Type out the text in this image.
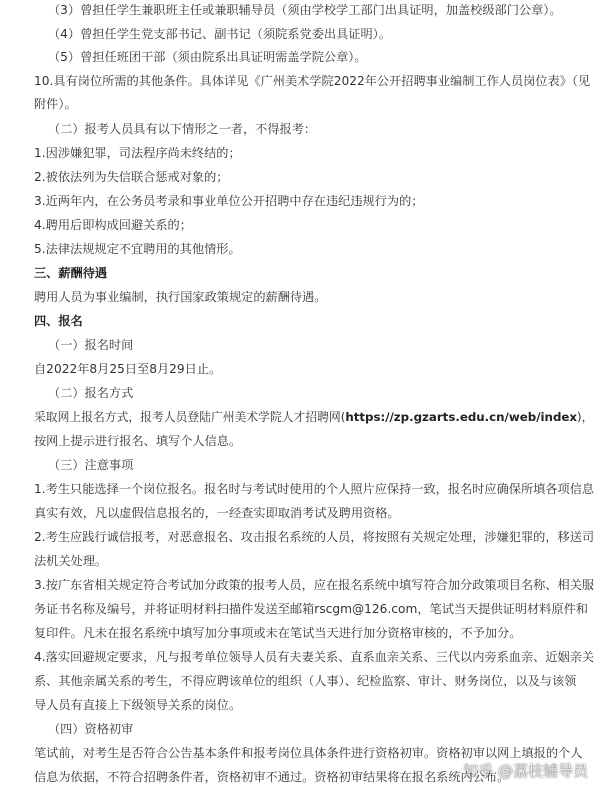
（3）曾担任学生兼职班主任或兼职辅导员（须由学校学工部门出具证明，加盖校级部门公章）。
（4）曾担任学生党支部书记、副书记（须院系党委出具证明）。
（5）曾担任班团干部（须由院系出具证明需盖学院公章）。
10.具有岗位所需的其他条件。具体详见《广州美术学院2022年公开招聘事业编制工作人员岗位表》（见
附件）。
（二）报考人员具有以下情形之一者，不得报考：
1.因涉嫌犯罪，司法程序尚未终结的；
2.被依法列为失信联合惩戒对象的；
3.近两年内，在公务员考录和事业单位公开招聘中存在违纪违规行为的；
4.聘用后即构成回避关系的；
5.法律法规规定不宜聘用的其他情形。
三、薪酬待遇
聘用人员为事业编制，执行国家政策规定的薪酬待遇。
四、报名
（一）报名时间
自2022年8月25日至8月29日止。
（二）报名方式
采取网上报名方式，报考人员登陆广州美术学院人才招聘网(https://zp.gzarts.edu.cn/web/index)，
按网上提示进行报名、填写个人信息。
（三）注意事项
1.考生只能选择一个岗位报名。报名时与考试时使用的个人照片应保持一致，报名时应确保所填各项信息
真实有效，凡以虚假信息报名的，一经查实即取消考试及聘用资格。
2.考生应践行诚信报考，对恶意报名、攻击报名系统的人员，将按照有关规定处理，涉嫌犯罪的，移送司
法机关处理。
3.按广东省相关规定符合考试加分政策的报考人员，应在报名系统中填写符合加分政策项目名称、相关服
务证书名称及编号，并将证明材料扫描件发送至邮箱rscgm@126.com，笔试当天提供证明材料原件和
复印件。凡未在报名系统中填写加分事项或未在笔试当天进行加分资格审核的，不予加分。
4.落实回避规定要求，凡与报考单位领导人员有夫妻关系、直系血亲关系、三代以内旁系血亲、近姻亲关
系、其他亲属关系的考生，不得应聘该单位的组织（人事）、纪检监察、审计、财务岗位，以及与该领
导人员有直接上下级领导关系的岗位。
（四）资格初审
笔试前，对考生是否符合公告基本条件和报考岗位具体条件进行资格初审。资格初审以网上填报的个人
信息为依据，不符合招聘条件者，资格初审不通过。资格初审结果将在报名系统内公布。
知乎 @荔枝辅导员
